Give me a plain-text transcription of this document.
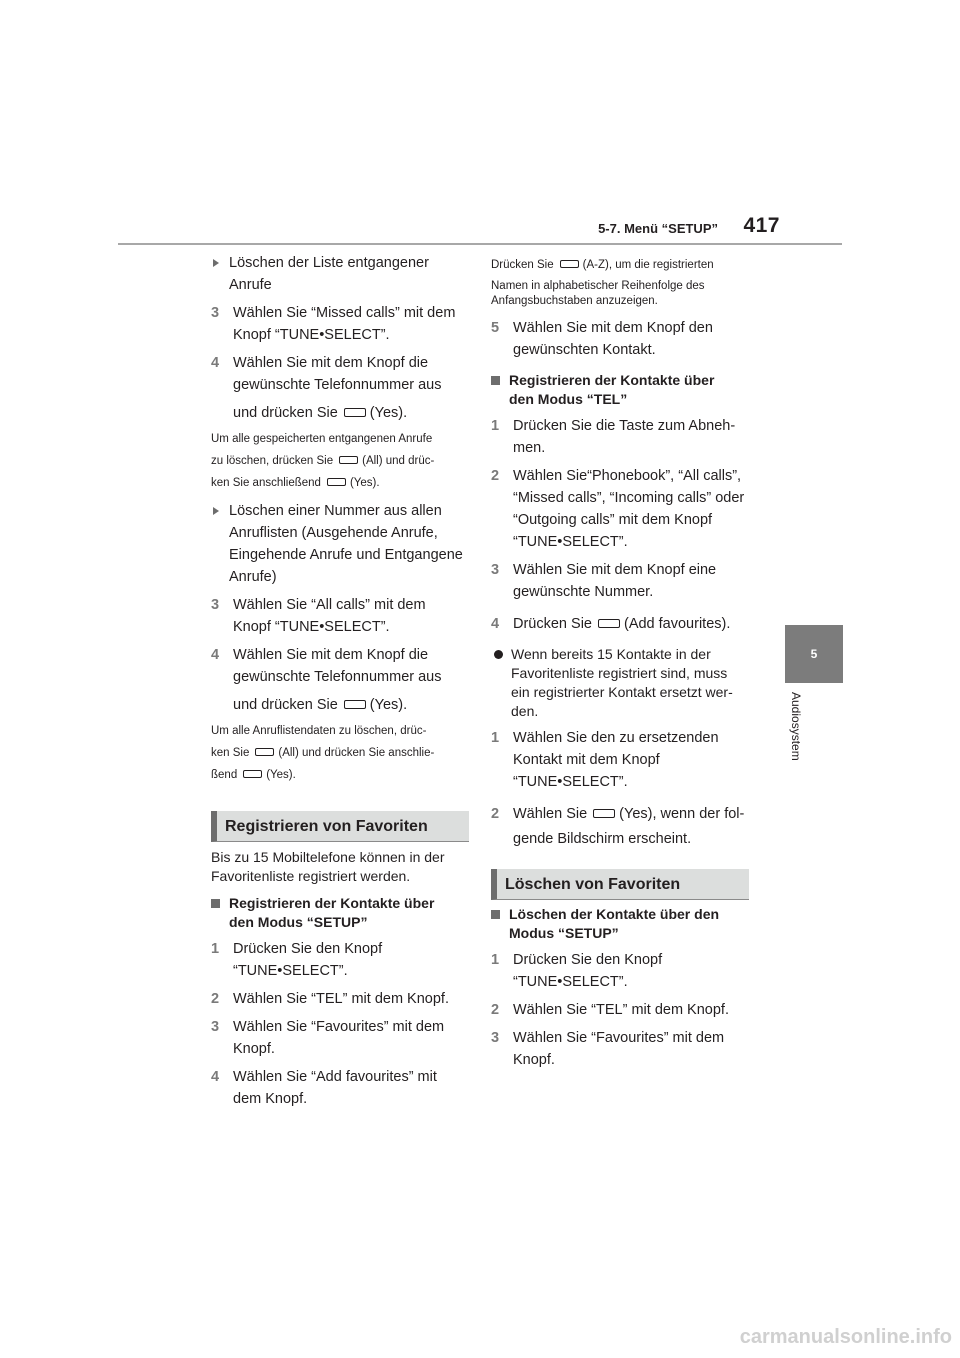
5-7. Menü “SETUP”	417
5
Audiosystem
Löschen der Liste entgangener
Anrufe
3 Wählen Sie “Missed calls” mit dem
Knopf “TUNE•SELECT”.
4 Wählen Sie mit dem Knopf die
gewünschte Telefonnummer aus
und drücken Sie (Yes).
Um alle gespeicherten entgangenen Anrufe
zu löschen, drücken Sie	(All) und drüc-
ken Sie anschließend	(Yes).
Löschen einer Nummer aus allen
Anruflisten (Ausgehende Anrufe,
Eingehende Anrufe und Entgangene
Anrufe)
3 Wählen Sie “All calls” mit dem
Knopf “TUNE•SELECT”.
4 Wählen Sie mit dem Knopf die
gewünschte Telefonnummer aus
und drücken Sie (Yes).
Um alle Anruflistendaten zu löschen, drüc-
ken Sie	(All) und drücken Sie anschlie-
ßend	(Yes).
Registrieren von Favoriten
Bis zu 15 Mobiltelefone können in der
Favoritenliste registriert werden.
Registrieren der Kontakte über
den Modus “SETUP”
1 Drücken Sie den Knopf
“TUNE•SELECT”.
2 Wählen Sie “TEL” mit dem Knopf.
3 Wählen Sie “Favourites” mit dem
Knopf.
4 Wählen Sie “Add favourites” mit
dem Knopf.
Drücken Sie	(A-Z), um die registrierten
Namen in alphabetischer Reihenfolge des
Anfangsbuchstaben anzuzeigen.
5 Wählen Sie mit dem Knopf den
gewünschten Kontakt.
Registrieren der Kontakte über
den Modus “TEL”
1 Drücken Sie die Taste zum Abneh-
men.
2 Wählen Sie“Phonebook”, “All calls”,
“Missed calls”, “Incoming calls” oder
“Outgoing calls” mit dem Knopf
“TUNE•SELECT”.
3 Wählen Sie mit dem Knopf eine
gewünschte Nummer.
4 Drücken Sie (Add favourites).
Wenn bereits 15 Kontakte in der
Favoritenliste registriert sind, muss
ein registrierter Kontakt ersetzt wer-
den.
1 Wählen Sie den zu ersetzenden
Kontakt mit dem Knopf
“TUNE•SELECT”.
2 Wählen Sie (Yes), wenn der fol-
gende Bildschirm erscheint.
Löschen von Favoriten
Löschen der Kontakte über den
Modus “SETUP”
1 Drücken Sie den Knopf
“TUNE•SELECT”.
2 Wählen Sie “TEL” mit dem Knopf.
3 Wählen Sie “Favourites” mit dem
Knopf.
carmanualsonline.info
